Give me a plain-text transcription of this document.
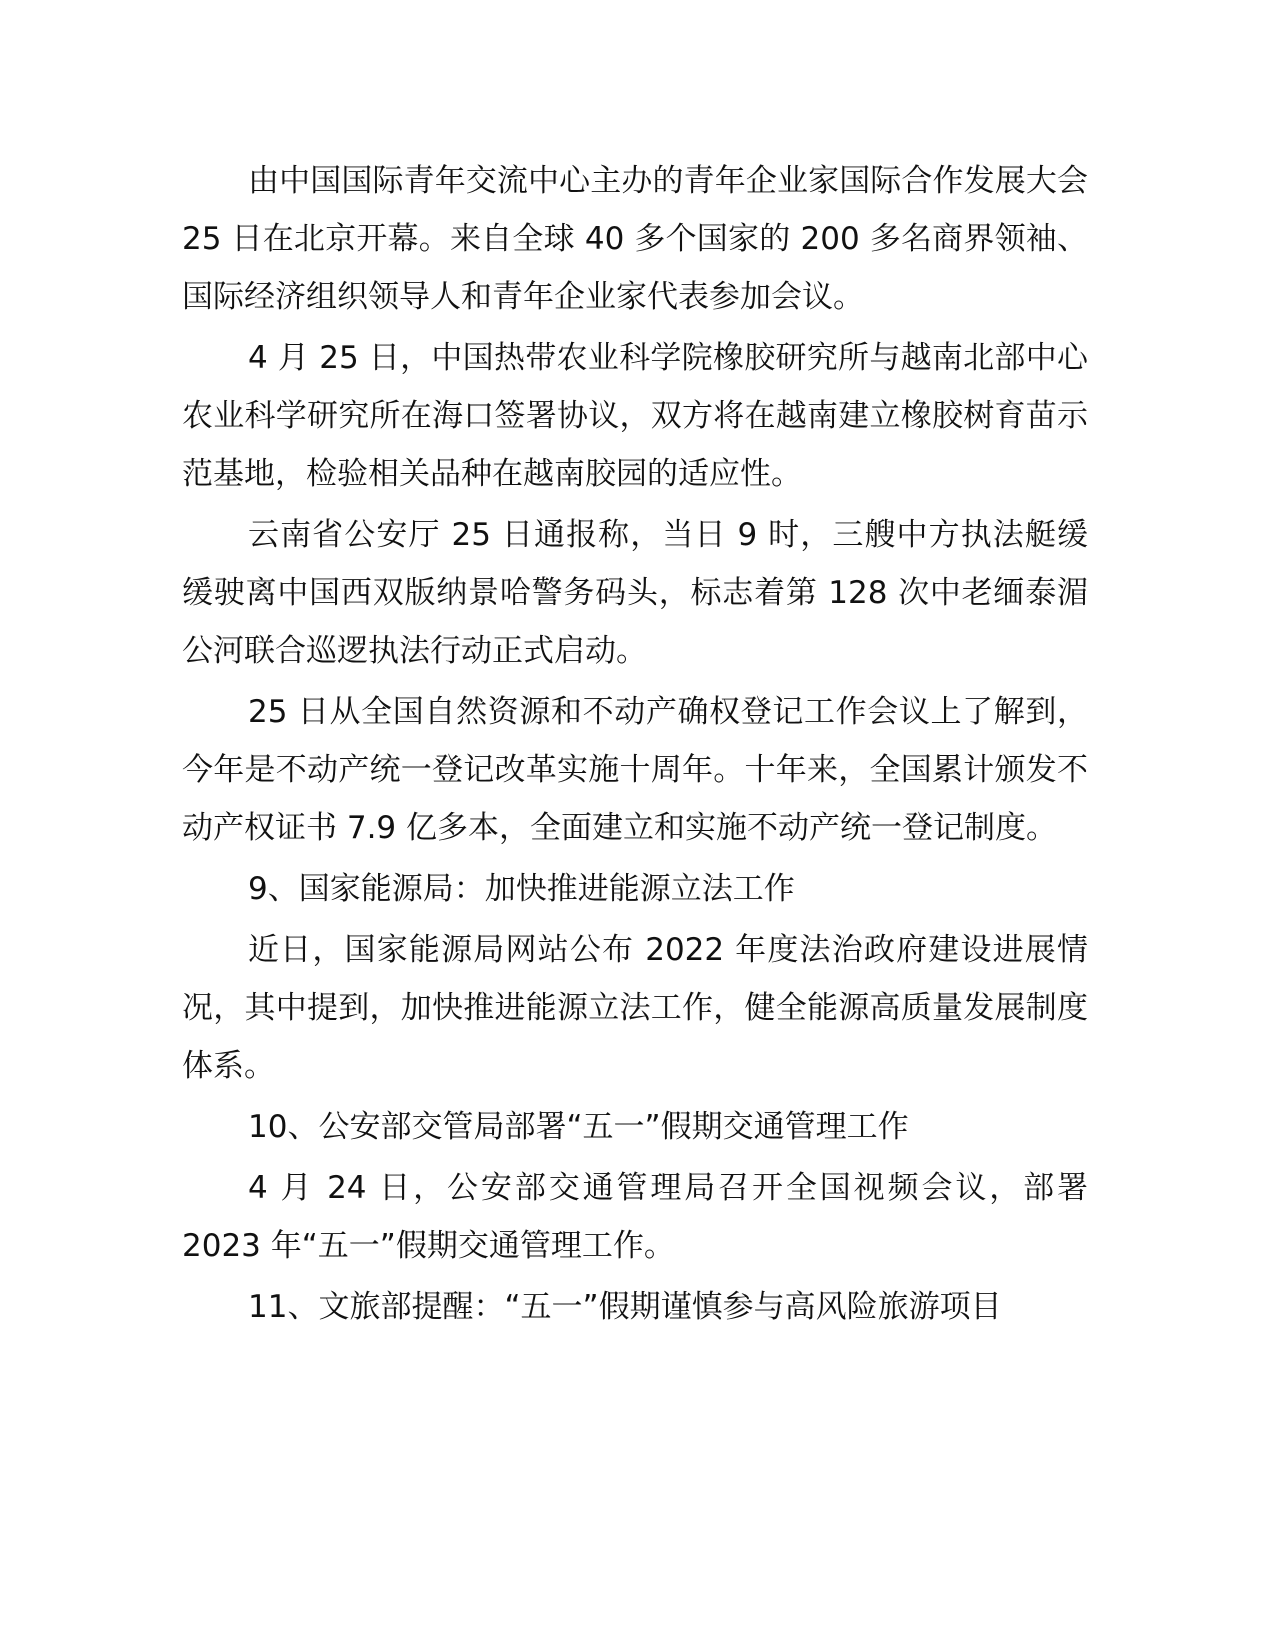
由中国国际青年交流中心主办的青年企业家国际合作发展大会 25 日在北京开幕。来自全球 40 多个国家的 200 多名商界领袖、国际经济组织领导人和青年企业家代表参加会议。

4 月 25 日，中国热带农业科学院橡胶研究所与越南北部中心农业科学研究所在海口签署协议，双方将在越南建立橡胶树育苗示范基地，检验相关品种在越南胶园的适应性。

云南省公安厅 25 日通报称，当日 9 时，三艘中方执法艇缓缓驶离中国西双版纳景哈警务码头，标志着第 128 次中老缅泰湄公河联合巡逻执法行动正式启动。

25 日从全国自然资源和不动产确权登记工作会议上了解到，今年是不动产统一登记改革实施十周年。十年来，全国累计颁发不动产权证书 7.9 亿多本，全面建立和实施不动产统一登记制度。

9、国家能源局：加快推进能源立法工作

近日，国家能源局网站公布 2022 年度法治政府建设进展情况，其中提到，加快推进能源立法工作，健全能源高质量发展制度体系。

10、公安部交管局部署“五一”假期交通管理工作

4 月 24 日，公安部交通管理局召开全国视频会议，部署 2023 年“五一”假期交通管理工作。

11、文旅部提醒：“五一”假期谨慎参与高风险旅游项目
